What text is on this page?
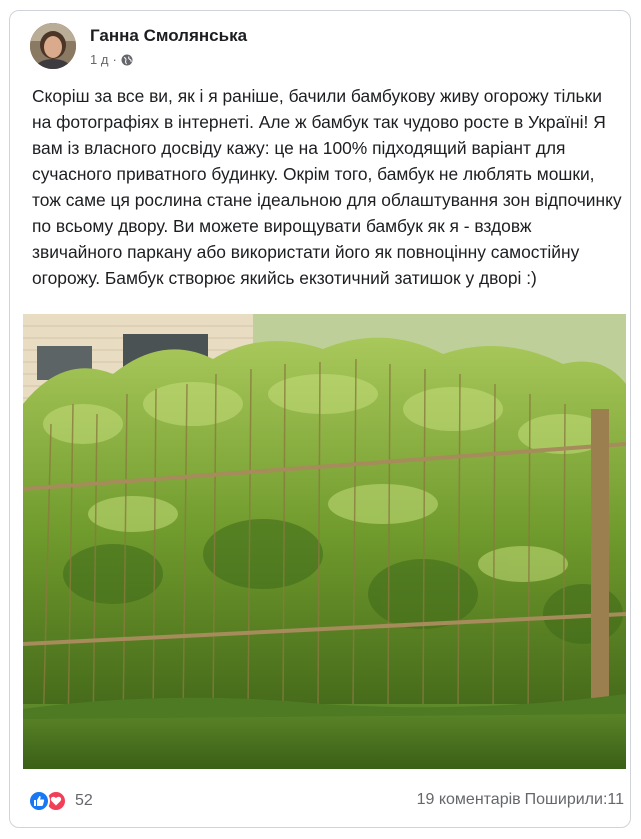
Ганна Смолянська
1 д ·

Скоріш за все ви, як і я раніше, бачили бамбукову живу огорожу тільки на фотографіях в інтернеті. Але ж бамбук так чудово росте в Україні! Я вам із власного досвіду кажу: це на 100% підходящий варіант для сучасного приватного будинку. Окрім того, бамбук не люблять мошки, тож саме ця рослина стане ідеальною для облаштування зон відпочинку по всьому двору. Ви можете вирощувати бамбук як я - вздовж звичайного паркану або використати його як повноцінну самостійну огорожу. Бамбук створює якийсь екзотичний затишок у дворі :)

52	19 коментарів Поширили:11
